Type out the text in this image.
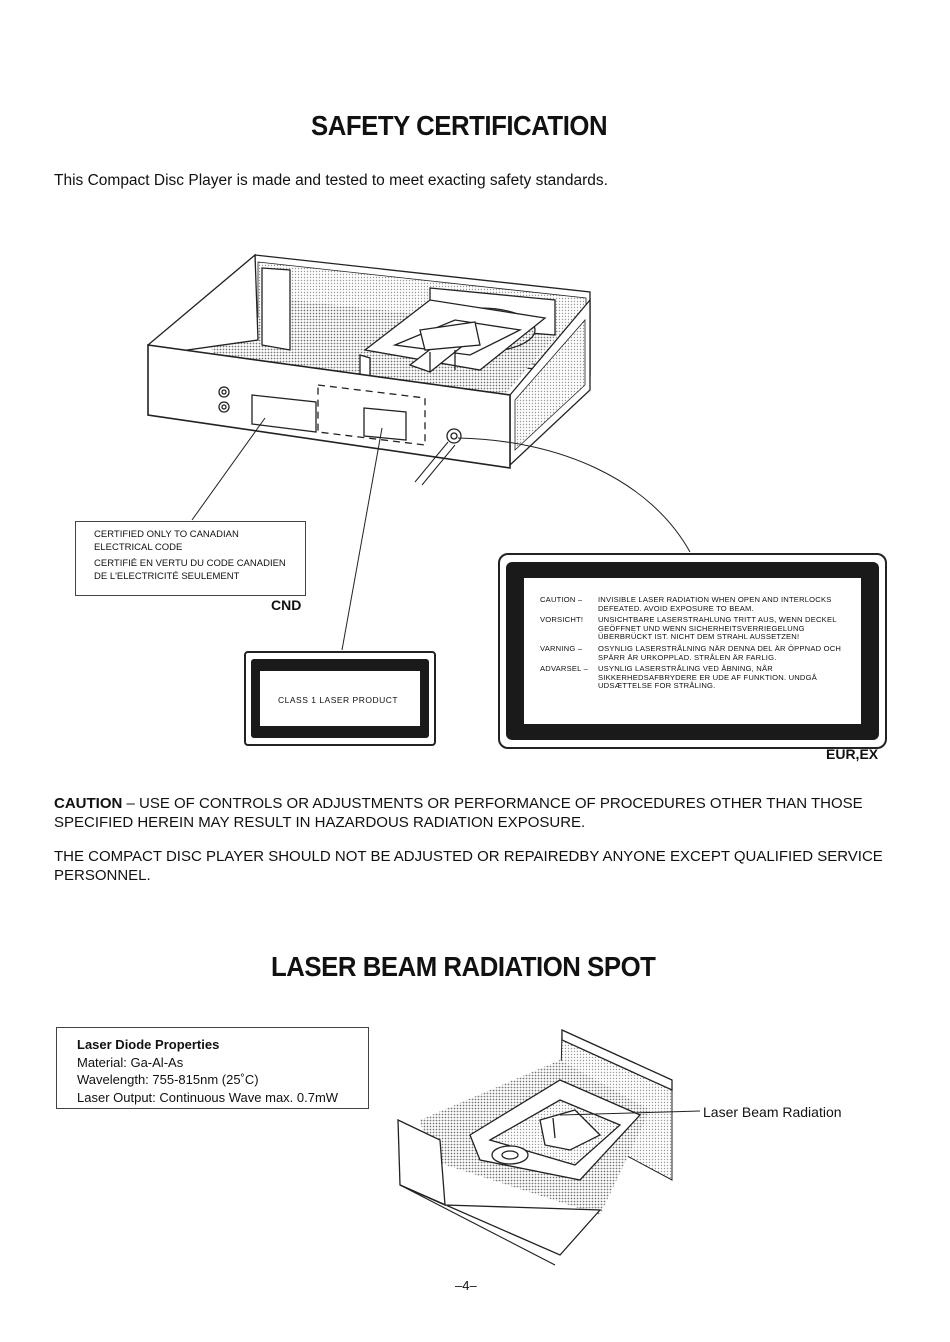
SAFETY CERTIFICATION
This Compact Disc Player is made and tested to meet exacting safety standards.
CERTIFIED ONLY TO CANADIAN
ELECTRICAL CODE
CERTIFIÉ EN VERTU DU CODE CANADIEN
DE L'ELECTRICITÉ SEULEMENT
CND
CLASS 1 LASER PRODUCT
CAUTION –	INVISIBLE LASER RADIATION WHEN OPEN AND INTERLOCKS DEFEATED. AVOID EXPOSURE TO BEAM.
VORSICHT!	UNSICHTBARE LASERSTRAHLUNG TRITT AUS, WENN DECKEL GEÖFFNET UND WENN SICHERHEITSVERRIEGELUNG ÜBERBRÜCKT IST. NICHT DEM STRAHL AUSSETZEN!
VARNING –	OSYNLIG LASERSTRÅLNING NÄR DENNA DEL ÄR ÖPPNAD OCH SPÄRR ÄR URKOPPLAD. STRÅLEN ÄR FARLIG.
ADVARSEL –	USYNLIG LASERSTRÅLING VED ÅBNING, NÅR SIKKERHEDSAFBRYDERE ER UDE AF FUNKTION. UNDGÅ UDSÆTTELSE FOR STRÅLING.
EUR,EX
CAUTION – USE OF CONTROLS OR ADJUSTMENTS OR PERFORMANCE OF PROCEDURES OTHER THAN THOSE SPECIFIED HEREIN MAY RESULT IN HAZARDOUS RADIATION EXPOSURE.
THE COMPACT DISC PLAYER SHOULD NOT BE ADJUSTED OR REPAIREDBY ANYONE EXCEPT QUALIFIED SERVICE PERSONNEL.
LASER BEAM RADIATION SPOT
Laser Diode Properties
Material: Ga-Al-As
Wavelength: 755-815nm (25˚C)
Laser Output: Continuous Wave max. 0.7mW
Laser Beam Radiation
–4–
